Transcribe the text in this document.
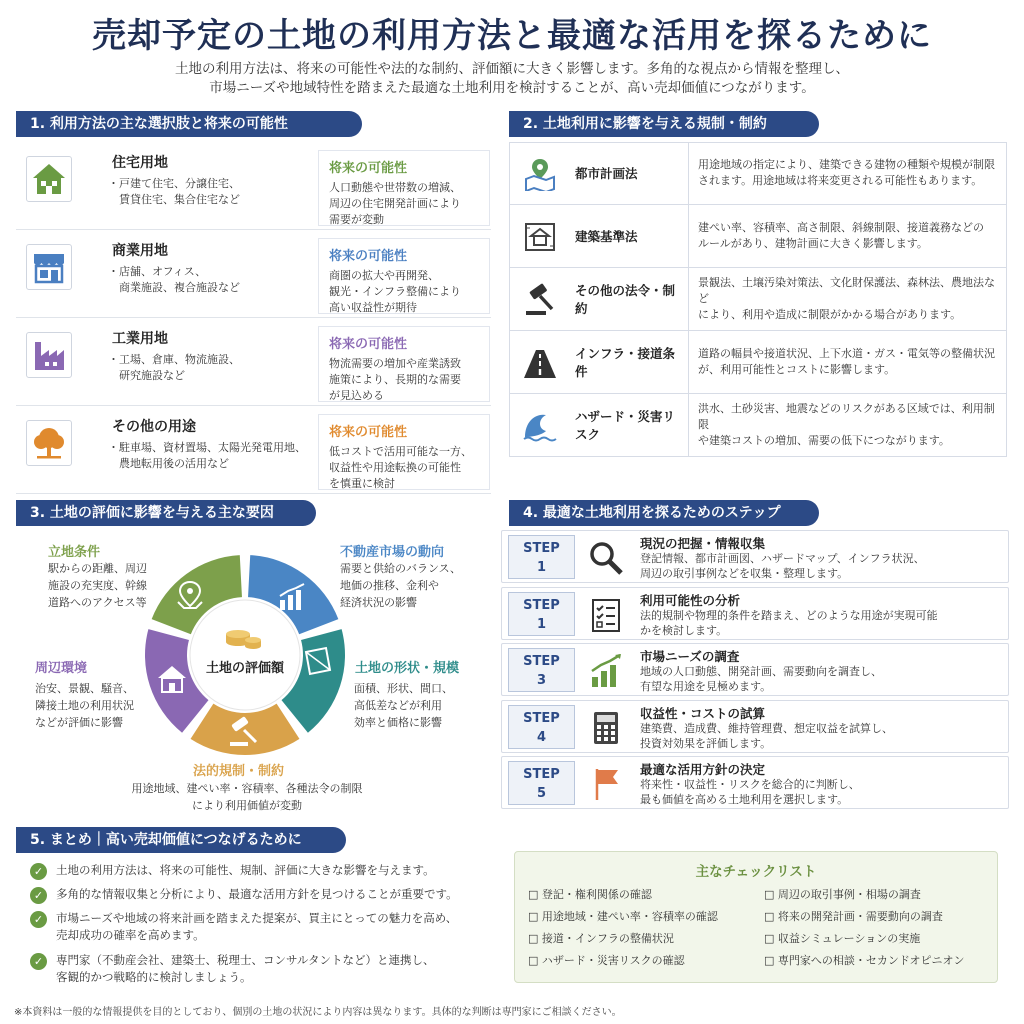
売却予定の土地の利用方法と最適な活用を探るために
土地の利用方法は、将来の可能性や法的な制約、評価額に大きく影響します。多角的な視点から情報を整理し、
市場ニーズや地域特性を踏まえた最適な土地利用を検討することが、高い売却価値につながります。
1. 利用方法の主な選択肢と将来の可能性
住宅用地
・戸建て住宅、分譲住宅、
　賃貸住宅、集合住宅など
将来の可能性
人口動態や世帯数の増減、
周辺の住宅開発計画により
需要が変動
商業用地
・店舗、オフィス、
　商業施設、複合施設など
将来の可能性
商圏の拡大や再開発、
観光・インフラ整備により
高い収益性が期待
工業用地
・工場、倉庫、物流施設、
　研究施設など
将来の可能性
物流需要の増加や産業誘致
施策により、長期的な需要
が見込める
その他の用途
・駐車場、資材置場、太陽光発電用地、
　農地転用後の活用など
将来の可能性
低コストで活用可能な一方、
収益性や用途転換の可能性
を慎重に検討
2. 土地利用に影響を与える規制・制約
都市計画法
用途地域の指定により、建築できる建物の種類や規模が制限
されます。用途地域は将来変更される可能性もあります。
建築基準法
建ぺい率、容積率、高さ制限、斜線制限、接道義務などの
ルールがあり、建物計画に大きく影響します。
その他の法令・制約
景観法、土壌汚染対策法、文化財保護法、森林法、農地法など
により、利用や造成に制限がかかる場合があります。
インフラ・接道条件
道路の幅員や接道状況、上下水道・ガス・電気等の整備状況
が、利用可能性とコストに影響します。
ハザード・災害リスク
洪水、土砂災害、地震などのリスクがある区域では、利用制限
や建築コストの増加、需要の低下につながります。
3. 土地の評価に影響を与える主な要因
土地の評価額
立地条件
駅からの距離、周辺
施設の充実度、幹線
道路へのアクセス等
不動産市場の動向
需要と供給のバランス、
地価の推移、金利や
経済状況の影響
土地の形状・規模
面積、形状、間口、
高低差などが利用
効率と価格に影響
法的規制・制約
用途地域、建ぺい率・容積率、各種法令の制限
により利用価値が変動
周辺環境
治安、景観、騒音、
隣接土地の利用状況
などが評価に影響
4. 最適な土地利用を探るためのステップ
STEP
1
現況の把握・情報収集
登記情報、都市計画図、ハザードマップ、インフラ状況、
周辺の取引事例などを収集・整理します。
STEP
1
利用可能性の分析
法的規制や物理的条件を踏まえ、どのような用途が実現可能
かを検討します。
STEP
3
市場ニーズの調査
地域の人口動態、開発計画、需要動向を調査し、
有望な用途を見極めます。
STEP
4
収益性・コストの試算
建築費、造成費、維持管理費、想定収益を試算し、
投資対効果を評価します。
STEP
5
最適な活用方針の決定
将来性・収益性・リスクを総合的に判断し、
最も価値を高める土地利用を選択します。
5. まとめ｜高い売却価値につなげるために
✓	土地の利用方法は、将来の可能性、規制、評価に大きな影響を与えます。
✓	多角的な情報収集と分析により、最適な活用方針を見つけることが重要です。
✓	市場ニーズや地域の将来計画を踏まえた提案が、買主にとっての魅力を高め、
売却成功の確率を高めます。
✓	専門家（不動産会社、建築士、税理士、コンサルタントなど）と連携し、
客観的かつ戦略的に検討しましょう。
主なチェックリスト
□ 登記・権利関係の確認
□ 用途地域・建ぺい率・容積率の確認
□ 接道・インフラの整備状況
□ ハザード・災害リスクの確認
□ 周辺の取引事例・相場の調査
□ 将来の開発計画・需要動向の調査
□ 収益シミュレーションの実施
□ 専門家への相談・セカンドオピニオン
※本資料は一般的な情報提供を目的としており、個別の土地の状況により内容は異なります。具体的な判断は専門家にご相談ください。
